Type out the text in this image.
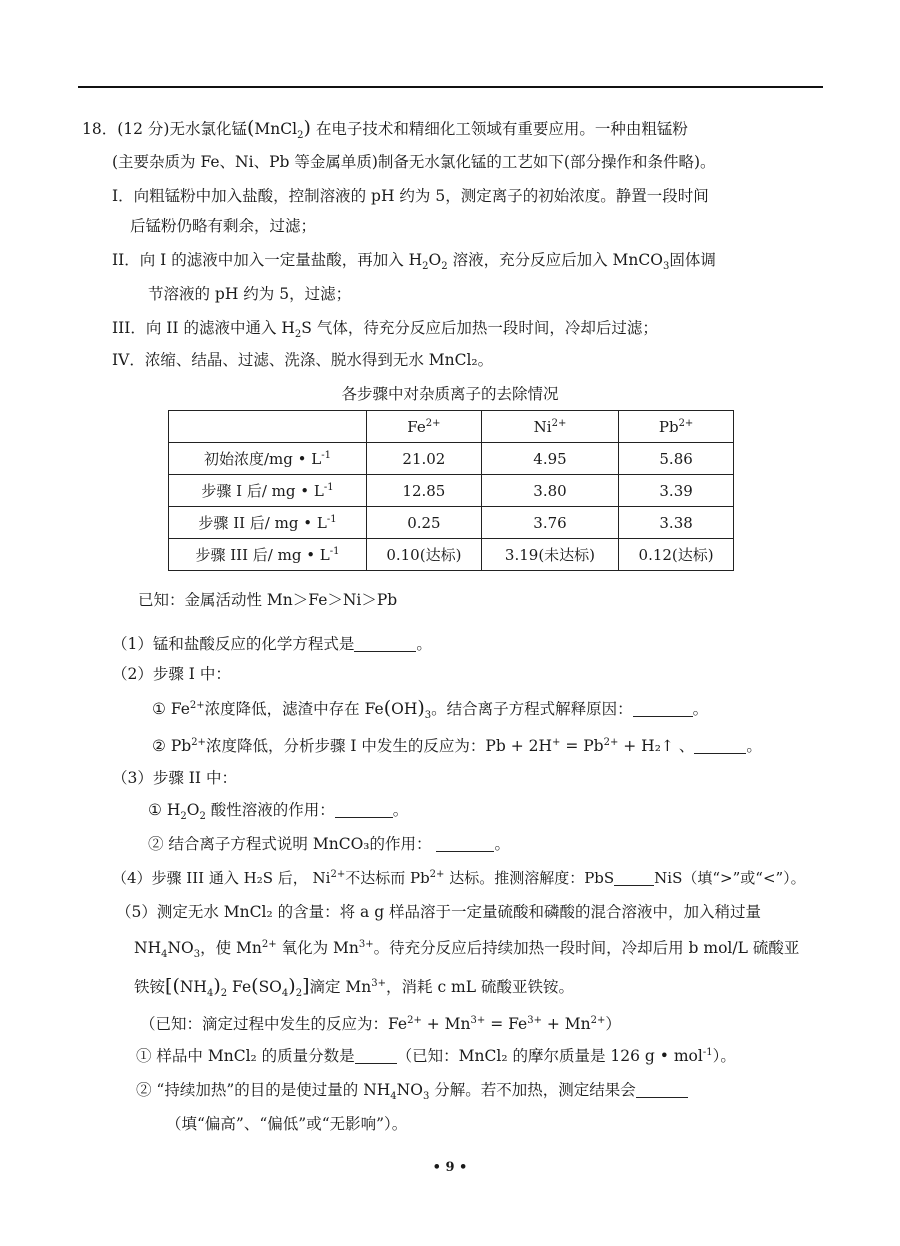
18．(12 分)无水氯化锰(MnCl$_2$) 在电子技术和精细化工领域有重要应用。一种由粗锰粉
(主要杂质为 Fe、Ni、Pb 等金属单质)制备无水氯化锰的工艺如下(部分操作和条件略)。
I．向粗锰粉中加入盐酸，控制溶液的 pH 约为 5，测定离子的初始浓度。静置一段时间
后锰粉仍略有剩余，过滤；
II．向 I 的滤液中加入一定量盐酸，再加入 $H_2O_2$ 溶液，充分反应后加入 MnCO$_3$固体调
节溶液的 pH 约为 5，过滤；
III．向 II 的滤液中通入 $H_2S$ 气体，待充分反应后加热一段时间，冷却后过滤；
IV．浓缩、结晶、过滤、洗涤、脱水得到无水 MnCl₂。
各步骤中对杂质离子的去除情况
	$Fe^{2+}$	$Ni^{2+}$	$Pb^{2+}$
初始浓度/mg • $L^{-1}$	21.02	4.95	5.86
步骤 I 后/ mg • $L^{-1}$	12.85	3.80	3.39
步骤 II 后/ mg • $L^{-1}$	0.25	3.76	3.38
步骤 III 后/ mg • $L^{-1}$	0.10(达标)	3.19(未达标)	0.12(达标)
已知：金属活动性 Mn＞Fe＞Ni＞Pb
（1）锰和盐酸反应的化学方程式是	。
（2）步骤 I 中：
① $Fe^{2+}$浓度降低，滤渣中存在 $Fe(OH)_3$。结合离子方程式解释原因：	。
② $Pb^{2+}$浓度降低，分析步骤 I 中发生的反应为：$Pb + 2H^+ = Pb^{2+}$ + H₂↑ 、	。
（3）步骤 II 中：
① $H_2O_2$ 酸性溶液的作用：	。
② 结合离子方程式说明 MnCO₃的作用：	。
（4）步骤 III 通入 H₂S 后， $Ni^{2+}$不达标而 $Pb^{2+}$ 达标。推测溶解度：PbS	NiS（填“>”或“<”）。
（5）测定无水 MnCl₂ 的含量：将 a g 样品溶于一定量硫酸和磷酸的混合溶液中，加入稍过量
$NH_4NO_3$，使 $Mn^{2+}$ 氧化为 $Mn^{3+}$。待充分反应后持续加热一段时间，冷却后用 b mol/L 硫酸亚
铁铵[$(NH_4)_2$ $Fe(SO_4)_2$]滴定 $Mn^{3+}$，消耗 c mL 硫酸亚铁铵。
（已知：滴定过程中发生的反应为：$Fe^{2+} + Mn^{3+} = Fe^{3+} + Mn^{2+}$）
① 样品中 MnCl₂ 的质量分数是	（已知：MnCl₂ 的摩尔质量是 126 g • mol$^{-1}$）。
② “持续加热”的目的是使过量的 $NH_4NO_3$ 分解。若不加热，测定结果会
（填“偏高”、“偏低”或“无影响”）。
• 9 •
